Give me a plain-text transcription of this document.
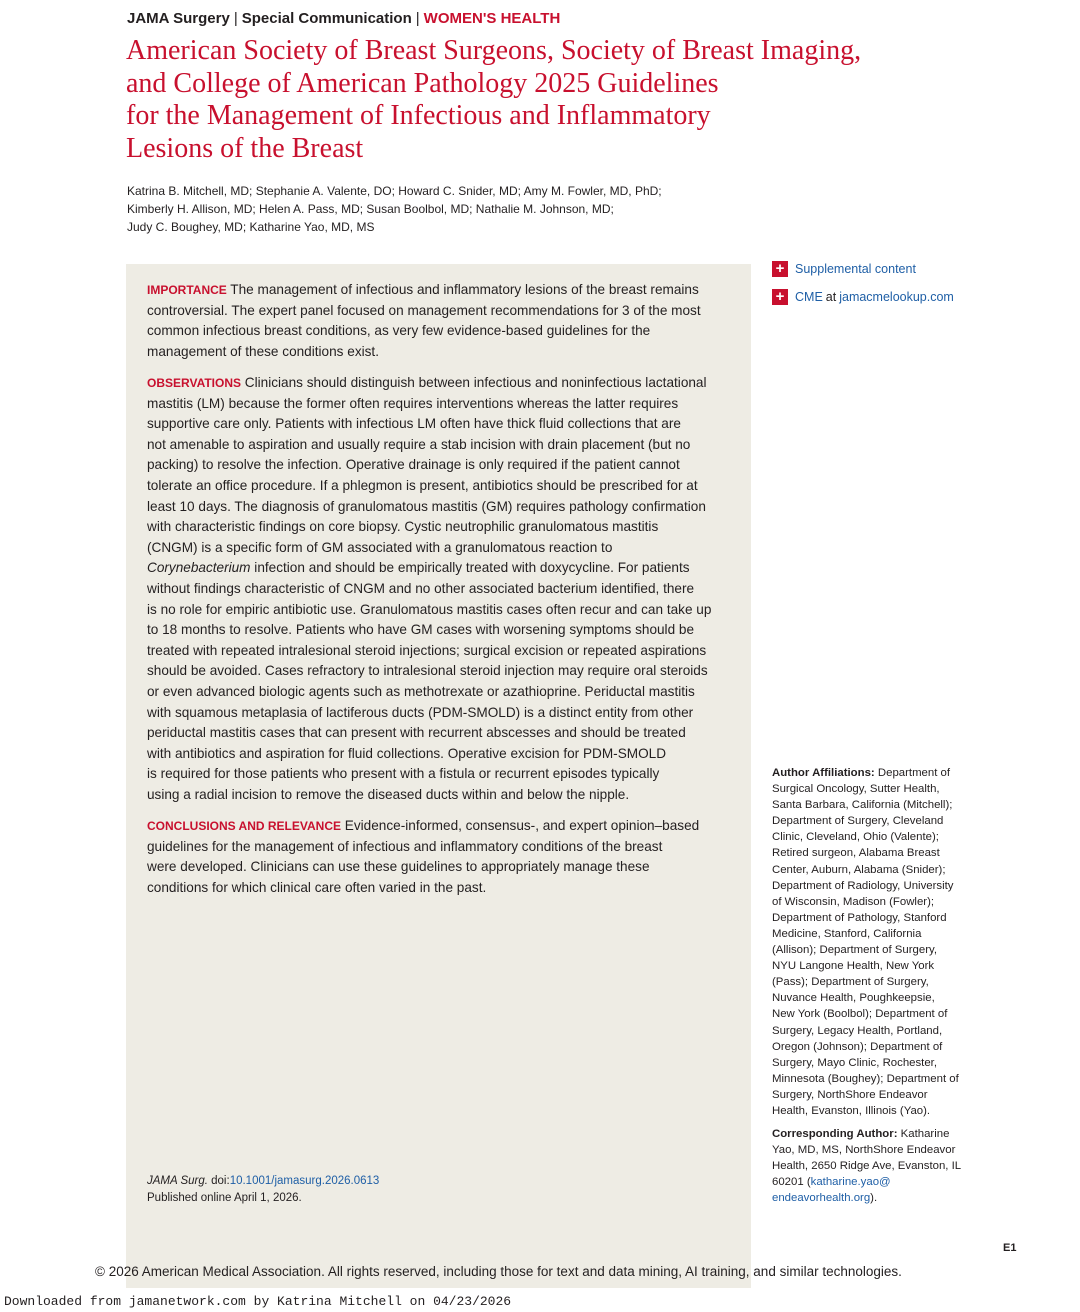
JAMA Surgery | Special Communication | WOMEN'S HEALTH
American Society of Breast Surgeons, Society of Breast Imaging,
and College of American Pathology 2025 Guidelines
for the Management of Infectious and Inflammatory
Lesions of the Breast
Katrina B. Mitchell, MD; Stephanie A. Valente, DO; Howard C. Snider, MD; Amy M. Fowler, MD, PhD;
Kimberly H. Allison, MD; Helen A. Pass, MD; Susan Boolbol, MD; Nathalie M. Johnson, MD;
Judy C. Boughey, MD; Katharine Yao, MD, MS
IMPORTANCE The management of infectious and inflammatory lesions of the breast remains
controversial. The expert panel focused on management recommendations for 3 of the most
common infectious breast conditions, as very few evidence-based guidelines for the
management of these conditions exist.
OBSERVATIONS Clinicians should distinguish between infectious and noninfectious lactational
mastitis (LM) because the former often requires interventions whereas the latter requires
supportive care only. Patients with infectious LM often have thick fluid collections that are
not amenable to aspiration and usually require a stab incision with drain placement (but no
packing) to resolve the infection. Operative drainage is only required if the patient cannot
tolerate an office procedure. If a phlegmon is present, antibiotics should be prescribed for at
least 10 days. The diagnosis of granulomatous mastitis (GM) requires pathology confirmation
with characteristic findings on core biopsy. Cystic neutrophilic granulomatous mastitis
(CNGM) is a specific form of GM associated with a granulomatous reaction to
Corynebacterium infection and should be empirically treated with doxycycline. For patients
without findings characteristic of CNGM and no other associated bacterium identified, there
is no role for empiric antibiotic use. Granulomatous mastitis cases often recur and can take up
to 18 months to resolve. Patients who have GM cases with worsening symptoms should be
treated with repeated intralesional steroid injections; surgical excision or repeated aspirations
should be avoided. Cases refractory to intralesional steroid injection may require oral steroids
or even advanced biologic agents such as methotrexate or azathioprine. Periductal mastitis
with squamous metaplasia of lactiferous ducts (PDM-SMOLD) is a distinct entity from other
periductal mastitis cases that can present with recurrent abscesses and should be treated
with antibiotics and aspiration for fluid collections. Operative excision for PDM-SMOLD
is required for those patients who present with a fistula or recurrent episodes typically
using a radial incision to remove the diseased ducts within and below the nipple.
CONCLUSIONS AND RELEVANCE Evidence-informed, consensus-, and expert opinion–based
guidelines for the management of infectious and inflammatory conditions of the breast
were developed. Clinicians can use these guidelines to appropriately manage these
conditions for which clinical care often varied in the past.
JAMA Surg. doi:10.1001/jamasurg.2026.0613
Published online April 1, 2026.
+ Supplemental content
+ CME at jamacmelookup.com
Author Affiliations: Department of
Surgical Oncology, Sutter Health,
Santa Barbara, California (Mitchell);
Department of Surgery, Cleveland
Clinic, Cleveland, Ohio (Valente);
Retired surgeon, Alabama Breast
Center, Auburn, Alabama (Snider);
Department of Radiology, University
of Wisconsin, Madison (Fowler);
Department of Pathology, Stanford
Medicine, Stanford, California
(Allison); Department of Surgery,
NYU Langone Health, New York
(Pass); Department of Surgery,
Nuvance Health, Poughkeepsie,
New York (Boolbol); Department of
Surgery, Legacy Health, Portland,
Oregon (Johnson); Department of
Surgery, Mayo Clinic, Rochester,
Minnesota (Boughey); Department of
Surgery, NorthShore Endeavor
Health, Evanston, Illinois (Yao).
Corresponding Author: Katharine
Yao, MD, MS, NorthShore Endeavor
Health, 2650 Ridge Ave, Evanston, IL
60201 (katharine.yao@
endeavorhealth.org).
E1
© 2026 American Medical Association. All rights reserved, including those for text and data mining, AI training, and similar technologies.
Downloaded from jamanetwork.com by Katrina Mitchell on 04/23/2026
